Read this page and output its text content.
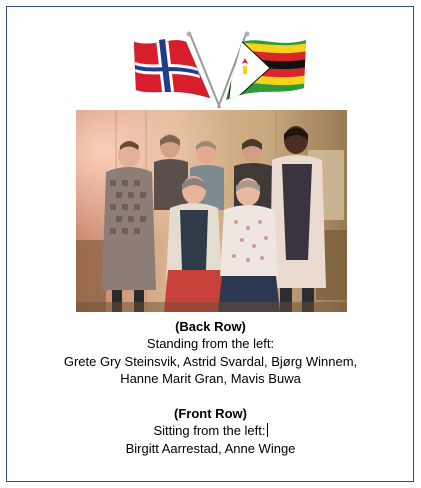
(Back Row)
Standing from the left:
Grete Gry Steinsvik, Astrid Svardal, Bjørg Winnem,
Hanne Marit Gran, Mavis Buwa
(Front Row)
Sitting from the left:
Birgitt Aarrestad, Anne Winge
